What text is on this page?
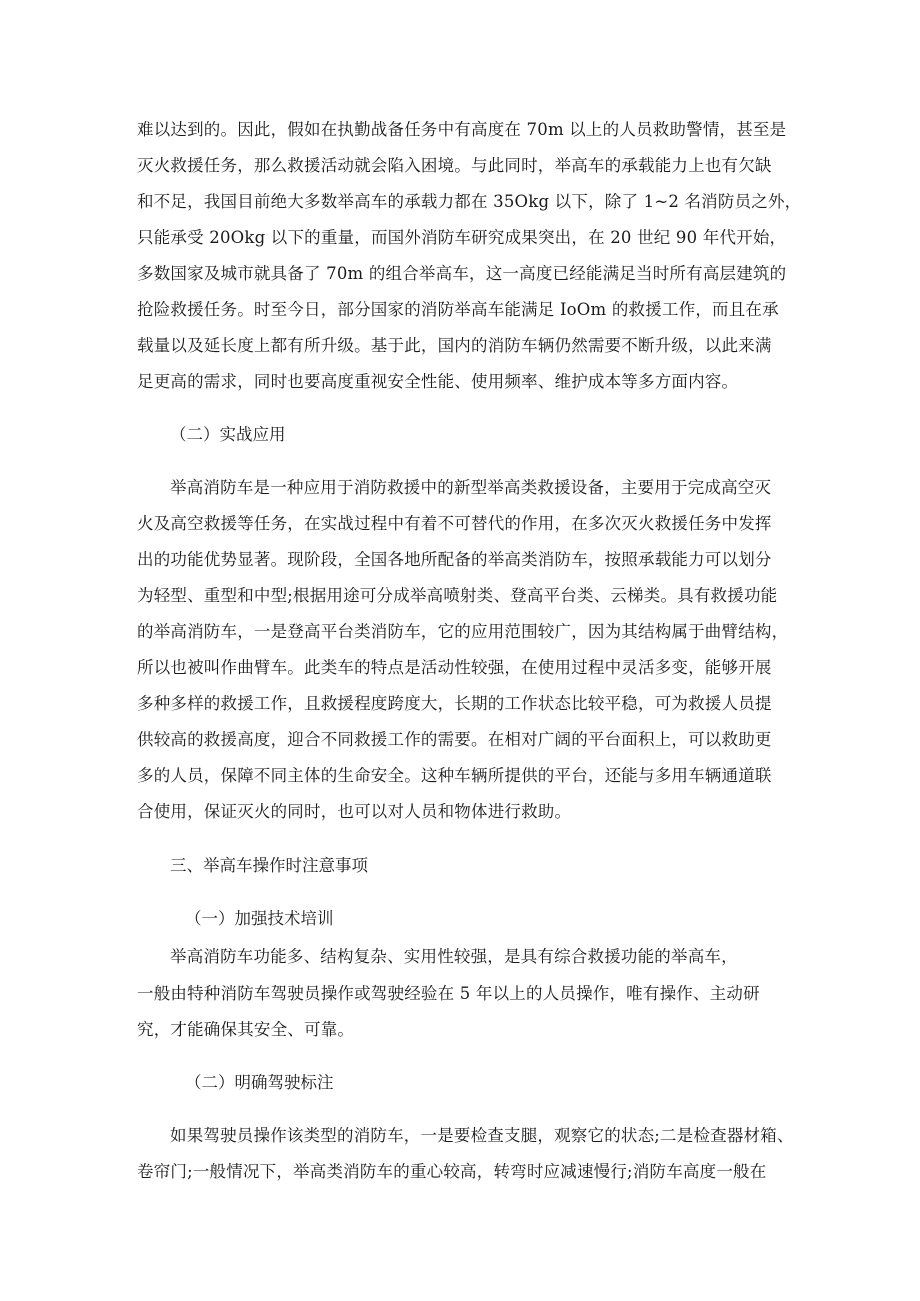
难以达到的。因此，假如在执勤战备任务中有高度在 70m 以上的人员救助警情，甚至是
灭火救援任务，那么救援活动就会陷入困境。与此同时，举高车的承载能力上也有欠缺
和不足，我国目前绝大多数举高车的承载力都在 35Okg 以下，除了 1~2 名消防员之外，
只能承受 20Okg 以下的重量，而国外消防车研究成果突出，在 20 世纪 90 年代开始，
多数国家及城市就具备了 70m 的组合举高车，这一高度已经能满足当时所有高层建筑的
抢险救援任务。时至今日，部分国家的消防举高车能满足 IoOm 的救援工作，而且在承
载量以及延长度上都有所升级。基于此，国内的消防车辆仍然需要不断升级，以此来满
足更高的需求，同时也要高度重视安全性能、使用频率、维护成本等多方面内容。
（二）实战应用
举高消防车是一种应用于消防救援中的新型举高类救援设备，主要用于完成高空灭
火及高空救援等任务，在实战过程中有着不可替代的作用，在多次灭火救援任务中发挥
出的功能优势显著。现阶段，全国各地所配备的举高类消防车，按照承载能力可以划分
为轻型、重型和中型;根据用途可分成举高喷射类、登高平台类、云梯类。具有救援功能
的举高消防车，一是登高平台类消防车，它的应用范围较广，因为其结构属于曲臂结构，
所以也被叫作曲臂车。此类车的特点是活动性较强，在使用过程中灵活多变，能够开展
多种多样的救援工作，且救援程度跨度大，长期的工作状态比较平稳，可为救援人员提
供较高的救援高度，迎合不同救援工作的需要。在相对广阔的平台面积上，可以救助更
多的人员，保障不同主体的生命安全。这种车辆所提供的平台，还能与多用车辆通道联
合使用，保证灭火的同时，也可以对人员和物体进行救助。
三、举高车操作时注意事项
（一）加强技术培训
举高消防车功能多、结构复杂、实用性较强，是具有综合救援功能的举高车，
一般由特种消防车驾驶员操作或驾驶经验在 5 年以上的人员操作，唯有操作、主动研
究，才能确保其安全、可靠。
（二）明确驾驶标注
如果驾驶员操作该类型的消防车，一是要检查支腿，观察它的状态;二是检查器材箱、
卷帘门;一般情况下，举高类消防车的重心较高，转弯时应减速慢行;消防车高度一般在
